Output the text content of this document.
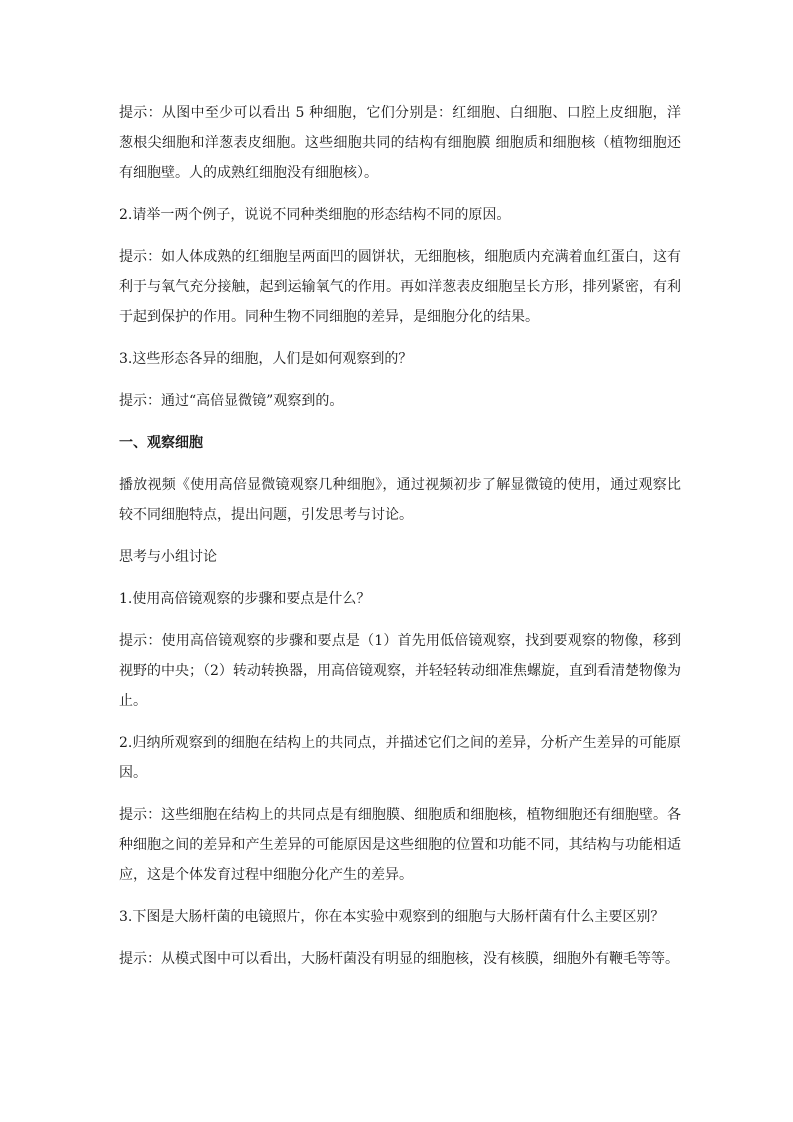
提示：从图中至少可以看出 5 种细胞，它们分别是：红细胞、白细胞、口腔上皮细胞，洋葱根尖细胞和洋葱表皮细胞。这些细胞共同的结构有细胞膜 细胞质和细胞核（植物细胞还有细胞壁。人的成熟红细胞没有细胞核）。

2.请举一两个例子，说说不同种类细胞的形态结构不同的原因。

提示：如人体成熟的红细胞呈两面凹的圆饼状，无细胞核，细胞质内充满着血红蛋白，这有利于与氧气充分接触，起到运输氧气的作用。再如洋葱表皮细胞呈长方形，排列紧密，有利于起到保护的作用。同种生物不同细胞的差异，是细胞分化的结果。

3.这些形态各异的细胞，人们是如何观察到的？

提示：通过“高倍显微镜”观察到的。

一、观察细胞

播放视频《使用高倍显微镜观察几种细胞》，通过视频初步了解显微镜的使用，通过观察比较不同细胞特点，提出问题，引发思考与讨论。

思考与小组讨论

1.使用高倍镜观察的步骤和要点是什么？

提示：使用高倍镜观察的步骤和要点是（1）首先用低倍镜观察，找到要观察的物像，移到视野的中央；（2）转动转换器，用高倍镜观察，并轻轻转动细准焦螺旋，直到看清楚物像为止。

2.归纳所观察到的细胞在结构上的共同点，并描述它们之间的差异，分析产生差异的可能原因。

提示：这些细胞在结构上的共同点是有细胞膜、细胞质和细胞核，植物细胞还有细胞壁。各种细胞之间的差异和产生差异的可能原因是这些细胞的位置和功能不同，其结构与功能相适应，这是个体发育过程中细胞分化产生的差异。

3.下图是大肠杆菌的电镜照片，你在本实验中观察到的细胞与大肠杆菌有什么主要区别？

提示：从模式图中可以看出，大肠杆菌没有明显的细胞核，没有核膜，细胞外有鞭毛等等。
